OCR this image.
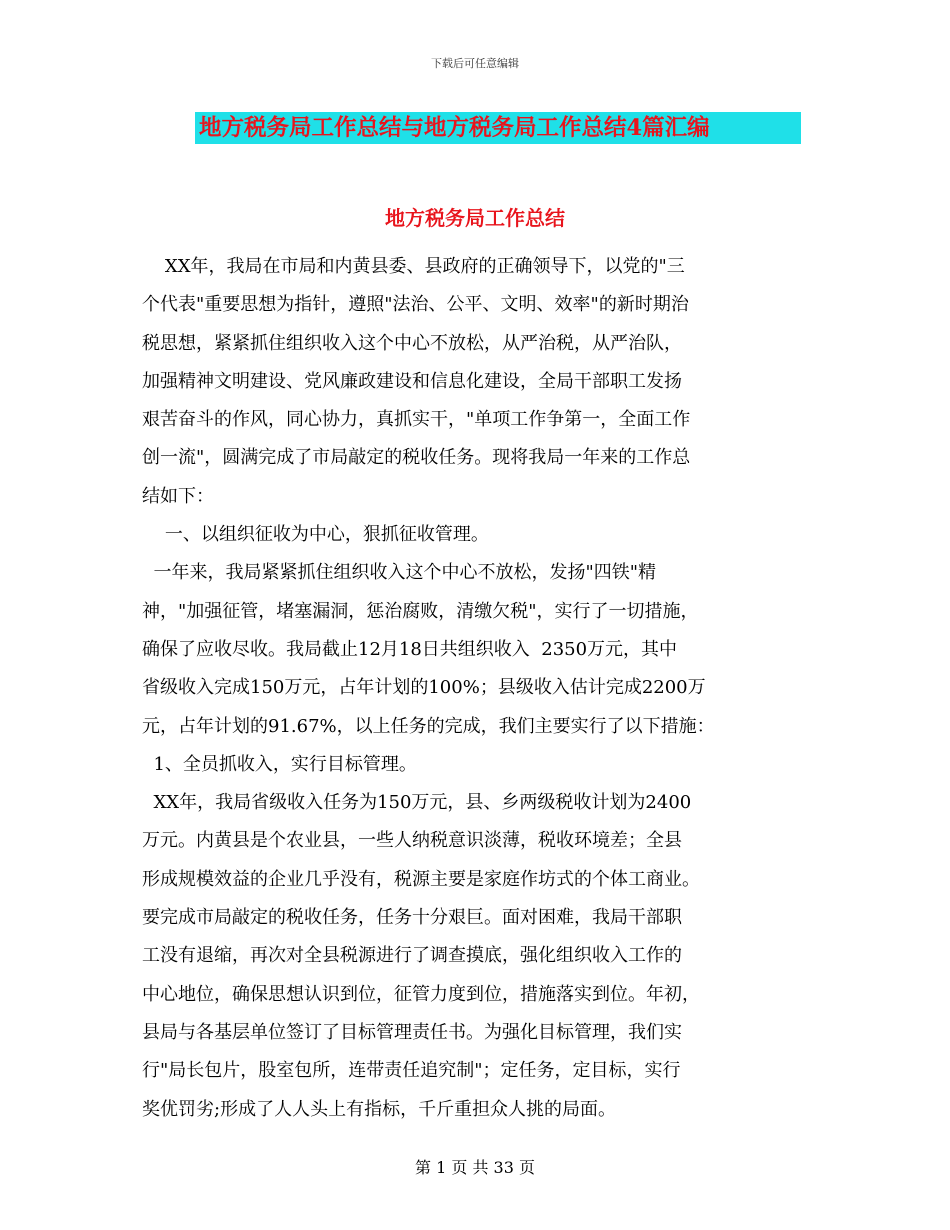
下载后可任意编辑
地方税务局工作总结与地方税务局工作总结4篇汇编
地方税务局工作总结
XX年，我局在市局和内黄县委、县政府的正确领导下，以党的"三
个代表"重要思想为指针，遵照"法治、公平、文明、效率"的新时期治
税思想，紧紧抓住组织收入这个中心不放松，从严治税，从严治队，
加强精神文明建设、党风廉政建设和信息化建设，全局干部职工发扬
艰苦奋斗的作风，同心协力，真抓实干，"单项工作争第一，全面工作
创一流"，圆满完成了市局敲定的税收任务。现将我局一年来的工作总
结如下：
一、以组织征收为中心，狠抓征收管理。
一年来，我局紧紧抓住组织收入这个中心不放松，发扬"四铁"精
神，"加强征管，堵塞漏洞，惩治腐败，清缴欠税"，实行了一切措施，
确保了应收尽收。我局截止12月18日共组织收入  2350万元，其中
省级收入完成150万元，占年计划的100%；县级收入估计完成2200万
元，占年计划的91.67%，以上任务的完成，我们主要实行了以下措施：
1、全员抓收入，实行目标管理。
XX年，我局省级收入任务为150万元，县、乡两级税收计划为2400
万元。内黄县是个农业县，一些人纳税意识淡薄，税收环境差；全县
形成规模效益的企业几乎没有，税源主要是家庭作坊式的个体工商业。
要完成市局敲定的税收任务，任务十分艰巨。面对困难，我局干部职
工没有退缩，再次对全县税源进行了调查摸底，强化组织收入工作的
中心地位，确保思想认识到位，征管力度到位，措施落实到位。年初，
县局与各基层单位签订了目标管理责任书。为强化目标管理，我们实
行"局长包片，股室包所，连带责任追究制"；定任务，定目标，实行
奖优罚劣;形成了人人头上有指标，千斤重担众人挑的局面。
第 1 页 共 33 页
